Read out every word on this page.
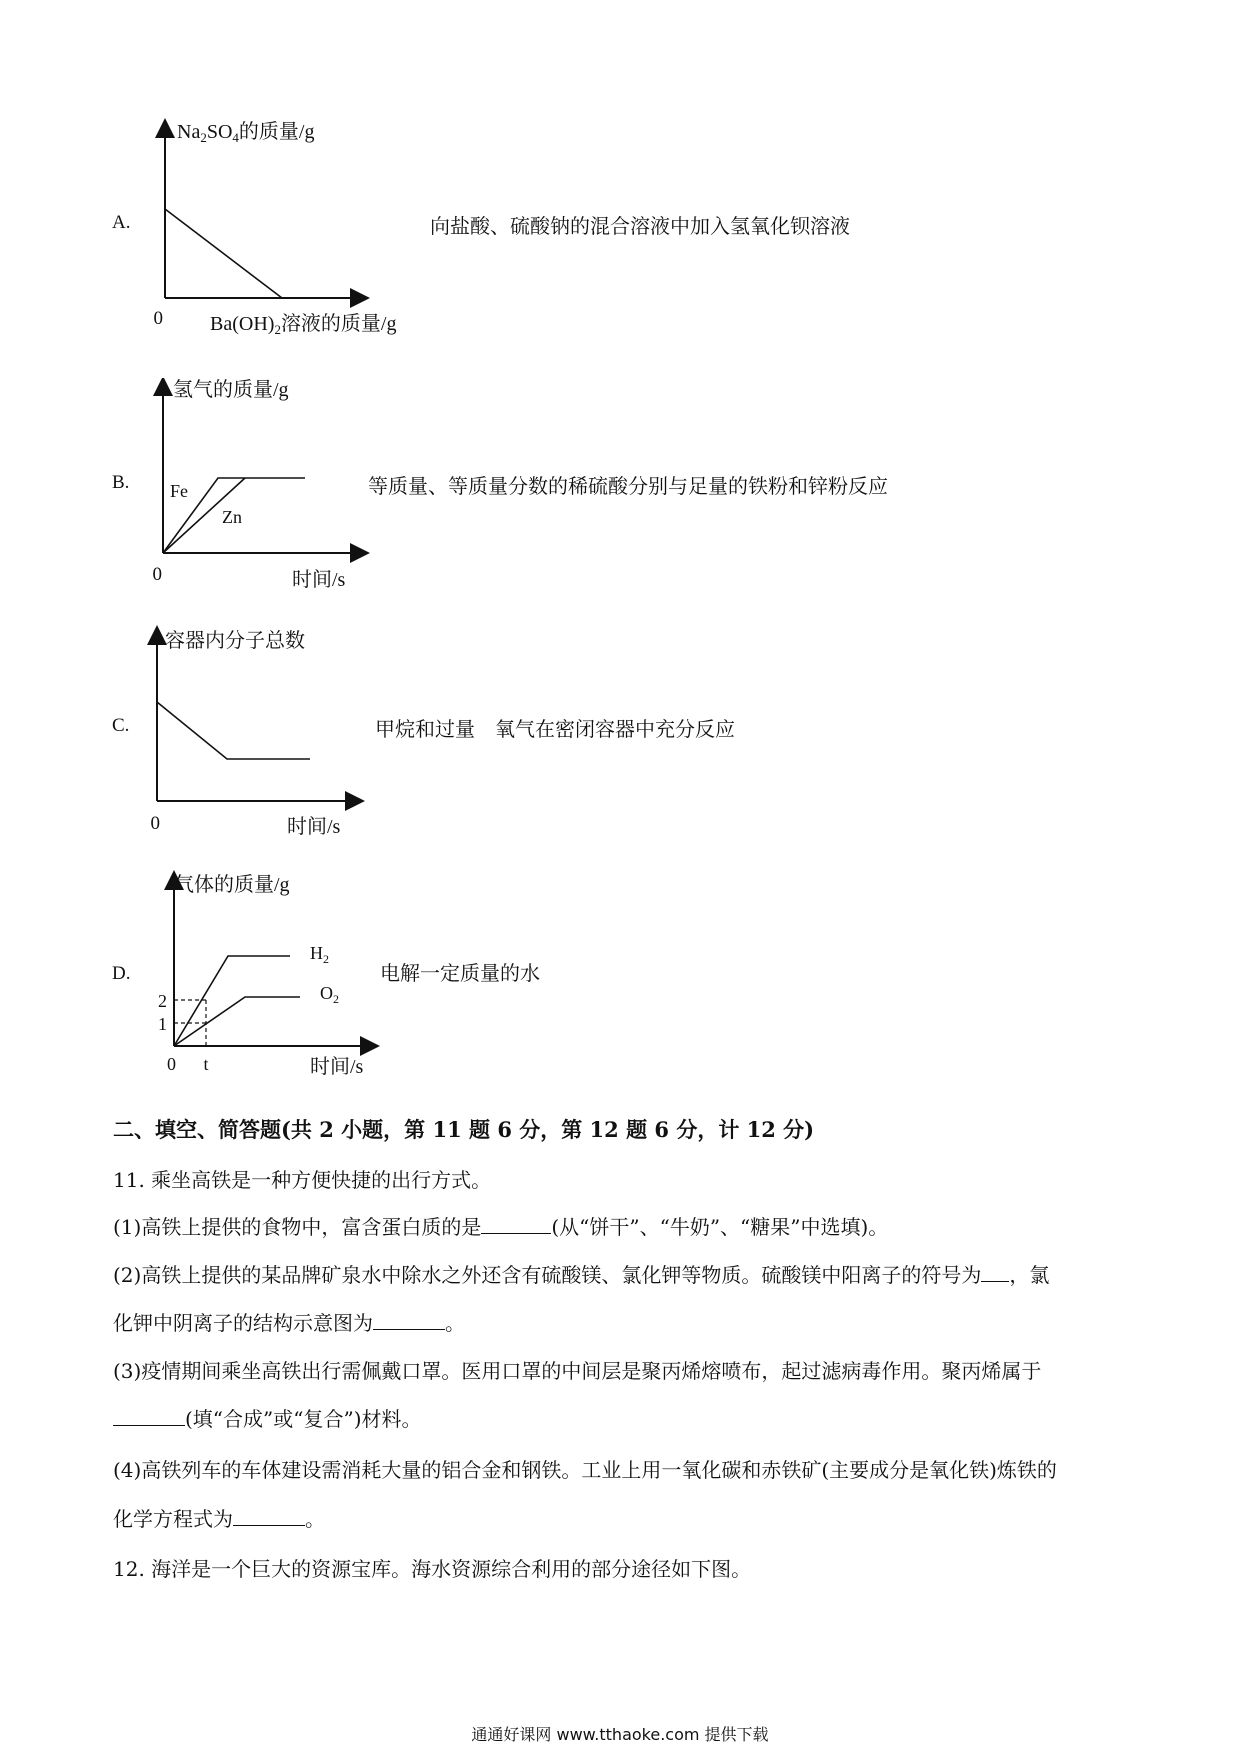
A.
$Na_2SO_4$的质量/g
0 $Ba(OH)_2$溶液的质量/g
向盐酸、硫酸钠的混合溶液中加入氢氧化钡溶液
B.
氢气的质量/g
Fe
Zn
0	时间/s
等质量、等质量分数的稀硫酸分别与足量的铁粉和锌粉反应
C.
容器内分子总数
0	时间/s
甲烷和过量　氧气在密闭容器中充分反应
D.
气体的质量/g
$H_2$
$O_2$
2
1
0 t	时间/s
电解一定质量的水
二、填空、简答题(共 2 小题，第 11 题 6 分，第 12 题 6 分，计 12 分)
11. 乘坐高铁是一种方便快捷的出行方式。
(1)高铁上提供的食物中，富含蛋白质的是	(从“饼干”、“牛奶”、“糖果”中选填)。
(2)高铁上提供的某品牌矿泉水中除水之外还含有硫酸镁、氯化钾等物质。硫酸镁中阳离子的符号为 ，氯
化钾中阴离子的结构示意图为	。
(3)疫情期间乘坐高铁出行需佩戴口罩。医用口罩的中间层是聚丙烯熔喷布，起过滤病毒作用。聚丙烯属于
(填“合成”或“复合”)材料。
(4)高铁列车的车体建设需消耗大量的铝合金和钢铁。工业上用一氧化碳和赤铁矿(主要成分是氧化铁)炼铁的
化学方程式为	。
12. 海洋是一个巨大的资源宝库。海水资源综合利用的部分途径如下图。
通通好课网 www.tthaoke.com 提供下载
